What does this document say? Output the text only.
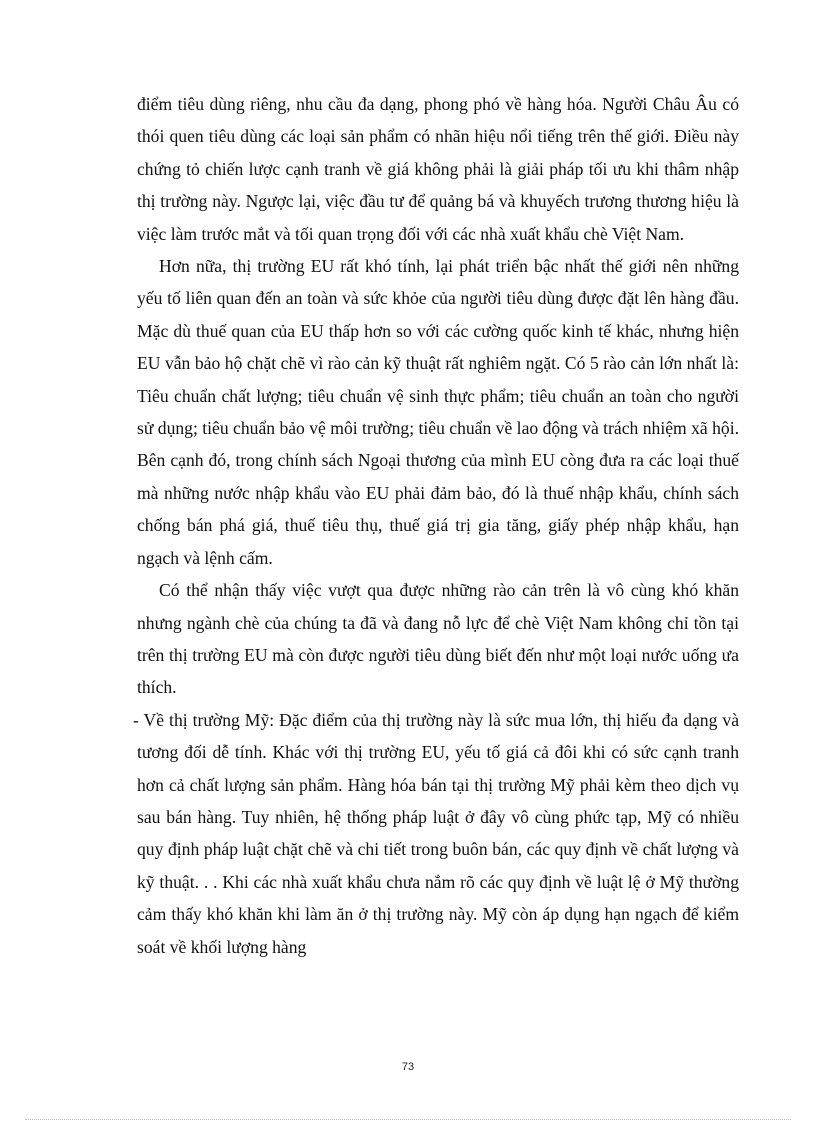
điểm tiêu dùng riêng, nhu cầu đa dạng, phong phó về hàng hóa. Người Châu Âu có thói quen tiêu dùng các loại sản phẩm có nhãn hiệu nổi tiếng trên thế giới. Điều này chứng tỏ chiến lược cạnh tranh về giá không phải là giải pháp tối ưu khi thâm nhập thị trường này. Ngược lại, việc đầu tư để quảng bá và khuyếch trương thương hiệu là việc làm trước mắt và tối quan trọng đối với các nhà xuất khẩu chè Việt Nam.

Hơn nữa, thị trường EU rất khó tính, lại phát triển bậc nhất thế giới nên những yếu tố liên quan đến an toàn và sức khỏe của người tiêu dùng được đặt lên hàng đầu. Mặc dù thuế quan của EU thấp hơn so với các cường quốc kinh tế khác, nhưng hiện EU vẫn bảo hộ chặt chẽ vì rào cản kỹ thuật rất nghiêm ngặt. Có 5 rào cản lớn nhất là: Tiêu chuẩn chất lượng; tiêu chuẩn vệ sinh thực phẩm; tiêu chuẩn an toàn cho người sử dụng; tiêu chuẩn bảo vệ môi trường; tiêu chuẩn về lao động và trách nhiệm xã hội. Bên cạnh đó, trong chính sách Ngoại thương của mình EU còng đưa ra các loại thuế mà những nước nhập khẩu vào EU phải đảm bảo, đó là thuế nhập khẩu, chính sách chống bán phá giá, thuế tiêu thụ, thuế giá trị gia tăng, giấy phép nhập khẩu, hạn ngạch và lệnh cấm.

Có thể nhận thấy việc vượt qua được những rào cản trên là vô cùng khó khăn nhưng ngành chè của chúng ta đã và đang nỗ lực để chè Việt Nam không chỉ tồn tại trên thị trường EU mà còn được người tiêu dùng biết đến như một loại nước uống ưa thích.

- Về thị trường Mỹ: Đặc điểm của thị trường này là sức mua lớn, thị hiếu đa dạng và tương đối dễ tính. Khác với thị trường EU, yếu tố giá cả đôi khi có sức cạnh tranh hơn cả chất lượng sản phẩm. Hàng hóa bán tại thị trường Mỹ phải kèm theo dịch vụ sau bán hàng. Tuy nhiên, hệ thống pháp luật ở đây vô cùng phức tạp, Mỹ có nhiều quy định pháp luật chặt chẽ và chi tiết trong buôn bán, các quy định về chất lượng và kỹ thuật. . . Khi các nhà xuất khẩu chưa nắm rõ các quy định về luật lệ ở Mỹ thường cảm thấy khó khăn khi làm ăn ở thị trường này. Mỹ còn áp dụng hạn ngạch để kiểm soát về khối lượng hàng

73
